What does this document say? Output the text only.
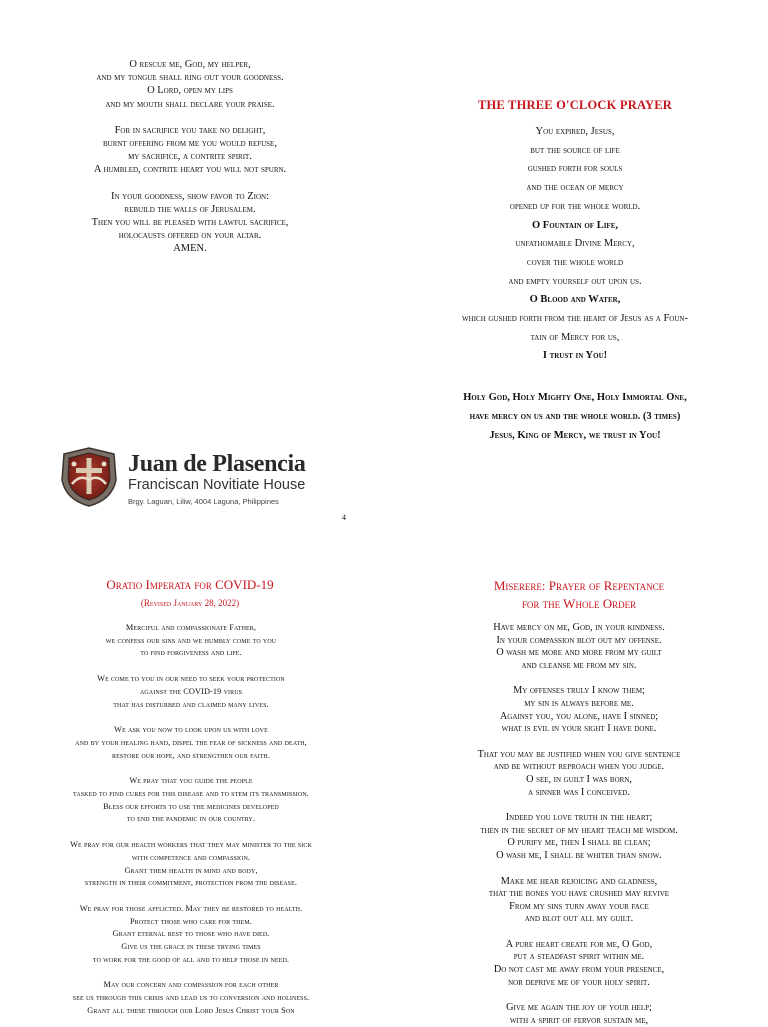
O rescue me, God, my helper,
and my tongue shall ring out your goodness.
O Lord, open my lips
and my mouth shall declare your praise.
For in sacrifice you take no delight,
burnt offering from me you would refuse,
my sacrifice, a contrite spirit.
A humbled, contrite heart you will not spurn.
In your goodness, show favor to Zion:
rebuild the walls of Jerusalem.
Then you will be pleased with lawful sacrifice,
holocausts offered on your altar.
AMEN.
THE THREE O'CLOCK PRAYER
You expired, Jesus,
but the source of life
gushed forth for souls
and the ocean of mercy
opened up for the whole world.
O Fountain of Life,
unfathomable Divine Mercy,
cover the whole world
and empty yourself out upon us.
O Blood and Water,
which gushed forth from the heart of Jesus as a Foun-
tain of Mercy for us,
I trust in You!
Holy God, Holy Mighty One, Holy Immortal One,
have mercy on us and the whole world. (3 times)
Jesus, King of Mercy, we trust in You!
Juan de Plasencia
Franciscan Novitiate House
Brgy. Laguan, Liliw, 4004 Laguna, Philippines
4
Oratio Imperata for COVID-19
(Revised January 28, 2022)
Merciful and compassionate Father,
we confess our sins and we humbly come to you
to find forgiveness and life.
We come to you in our need to seek your protection
against the COVID-19 virus
that has disturbed and claimed many lives.
We ask you now to look upon us with love
and by your healing hand, dispel the fear of sickness and death,
restore our hope, and strengthen our faith.
We pray that you guide the people
tasked to find cures for this disease and to stem its transmission.
Bless our efforts to use the medicines developed
to end the pandemic in our country.
We pray for our health workers that they may minister to the sick
with competence and compassion.
Grant them health in mind and body,
strength in their commitment, protection from the disease.
We pray for those afflicted. May they be restored to health.
Protect those who care for them.
Grant eternal rest to those who have died.
Give us the grace in these trying times
to work for the good of all and to help those in need.
May our concern and compassion for each other
see us through this crisis and lead us to conversion and holiness.
Grant all these through our Lord Jesus Christ your Son
Miserere: Prayer of Repentance
for the Whole Order
Have mercy on me, God, in your kindness.
In your compassion blot out my offense.
O wash me more and more from my guilt
and cleanse me from my sin.
My offenses truly I know them;
my sin is always before me.
Against you, you alone, have I sinned;
what is evil in your sight I have done.
That you may be justified when you give sentence
and be without reproach when you judge.
O see, in guilt I was born,
a sinner was I conceived.
Indeed you love truth in the heart;
then in the secret of my heart teach me wisdom.
O purify me, then I shall be clean;
O wash me, I shall be whiter than snow.
Make me hear rejoicing and gladness,
that the bones you have crushed may revive
From my sins turn away your face
and blot out all my guilt.
A pure heart create for me, O God,
put a steadfast spirit within me.
Do not cast me away from your presence,
nor deprive me of your holy spirit.
Give me again the joy of your help;
with a spirit of fervor sustain me,
